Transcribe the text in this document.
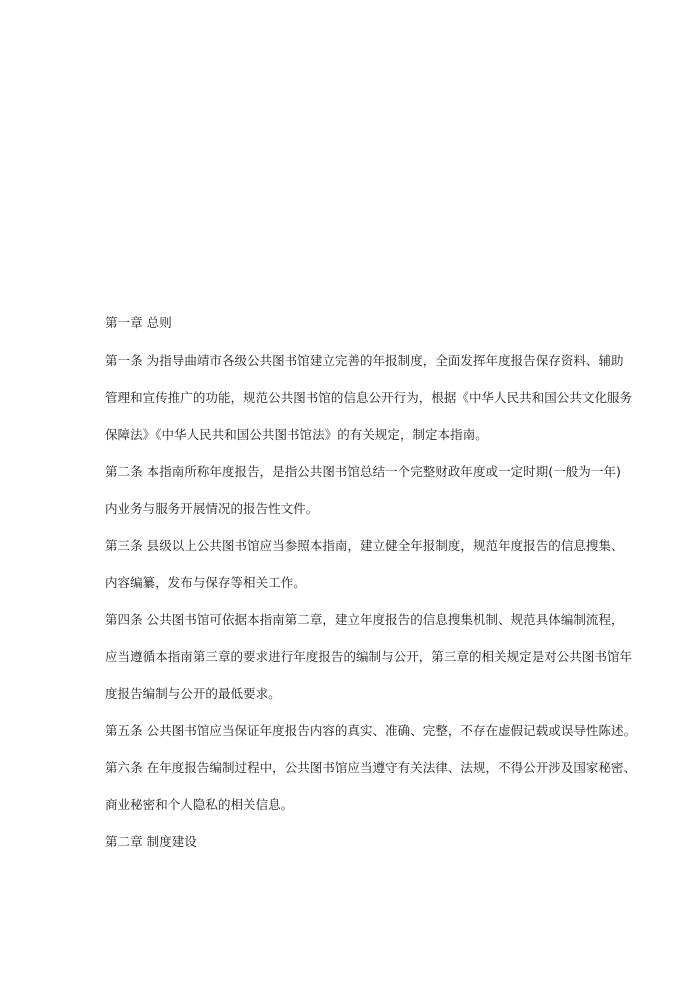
第一章 总则
第一条 为指导曲靖市各级公共图书馆建立完善的年报制度，全面发挥年度报告保存资料、辅助
管理和宣传推广的功能，规范公共图书馆的信息公开行为，根据《中华人民共和国公共文化服务
保障法》《中华人民共和国公共图书馆法》的有关规定，制定本指南。
第二条 本指南所称年度报告，是指公共图书馆总结一个完整财政年度或一定时期(一般为一年)
内业务与服务开展情况的报告性文件。
第三条 县级以上公共图书馆应当参照本指南，建立健全年报制度，规范年度报告的信息搜集、
内容编纂，发布与保存等相关工作。
第四条 公共图书馆可依据本指南第二章，建立年度报告的信息搜集机制、规范具体编制流程，
应当遵循本指南第三章的要求进行年度报告的编制与公开，第三章的相关规定是对公共图书馆年
度报告编制与公开的最低要求。
第五条 公共图书馆应当保证年度报告内容的真实、准确、完整，不存在虚假记载或误导性陈述。
第六条 在年度报告编制过程中，公共图书馆应当遵守有关法律、法规，不得公开涉及国家秘密、
商业秘密和个人隐私的相关信息。
第二章 制度建设
